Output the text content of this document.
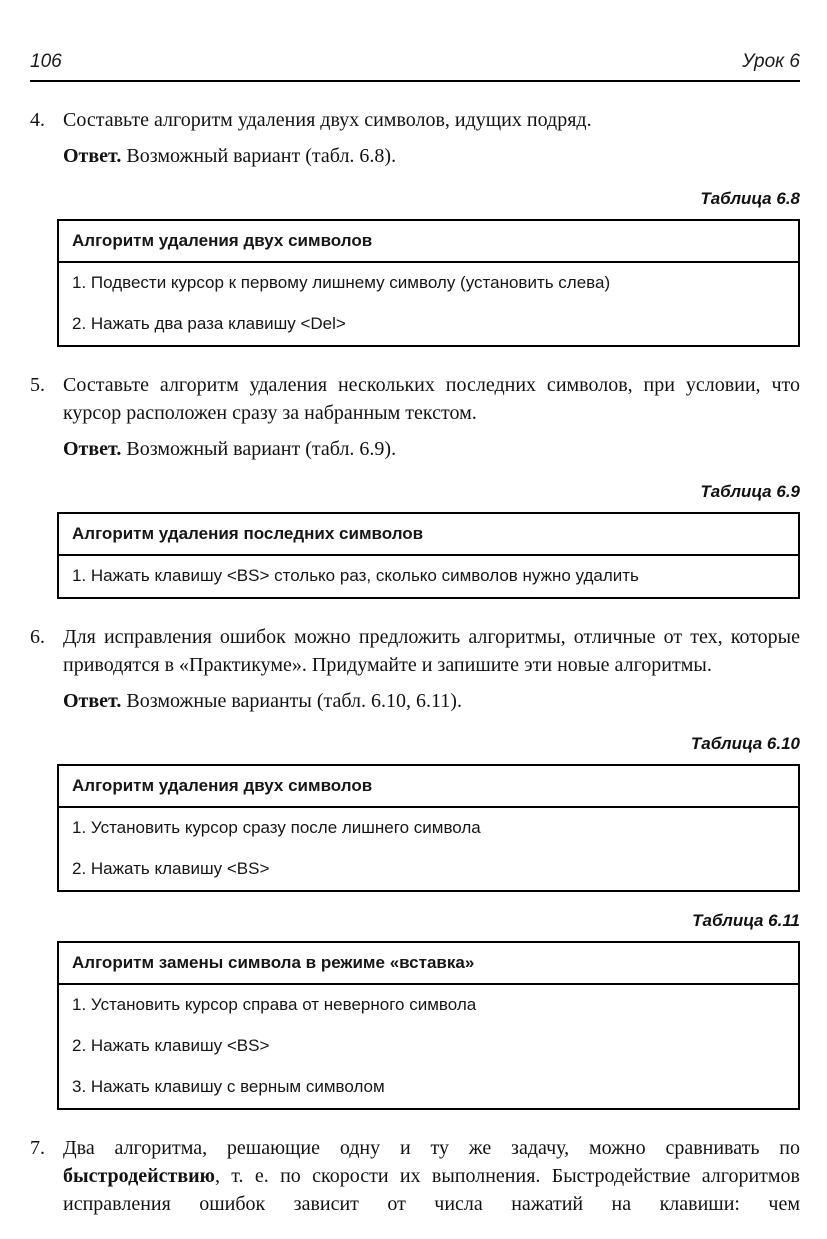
106	Урок 6
4. Составьте алгоритм удаления двух символов, идущих подряд.

Ответ. Возможный вариант (табл. 6.8).

Таблица 6.8
Алгоритм удаления двух символов
1. Подвести курсор к первому лишнему символу (установить слева)
2. Нажать два раза клавишу <Del>
5. Составьте алгоритм удаления нескольких последних символов, при условии, что курсор расположен сразу за набранным текстом.

Ответ. Возможный вариант (табл. 6.9).

Таблица 6.9
Алгоритм удаления последних символов
1. Нажать клавишу <BS> столько раз, сколько символов нужно удалить
6. Для исправления ошибок можно предложить алгоритмы, отличные от тех, которые приводятся в «Практикуме». Придумайте и запишите эти новые алгоритмы.

Ответ. Возможные варианты (табл. 6.10, 6.11).

Таблица 6.10
Алгоритм удаления двух символов
1. Установить курсор сразу после лишнего символа
2. Нажать клавишу <BS>
Таблица 6.11
Алгоритм замены символа в режиме «вставка»
1. Установить курсор справа от неверного символа
2. Нажать клавишу <BS>
3. Нажать клавишу с верным символом
7. Два алгоритма, решающие одну и ту же задачу, можно сравнивать по быстродействию, т. е. по скорости их выполнения. Быстродействие алгоритмов исправления ошибок зависит от числа нажатий на клавиши: чем
